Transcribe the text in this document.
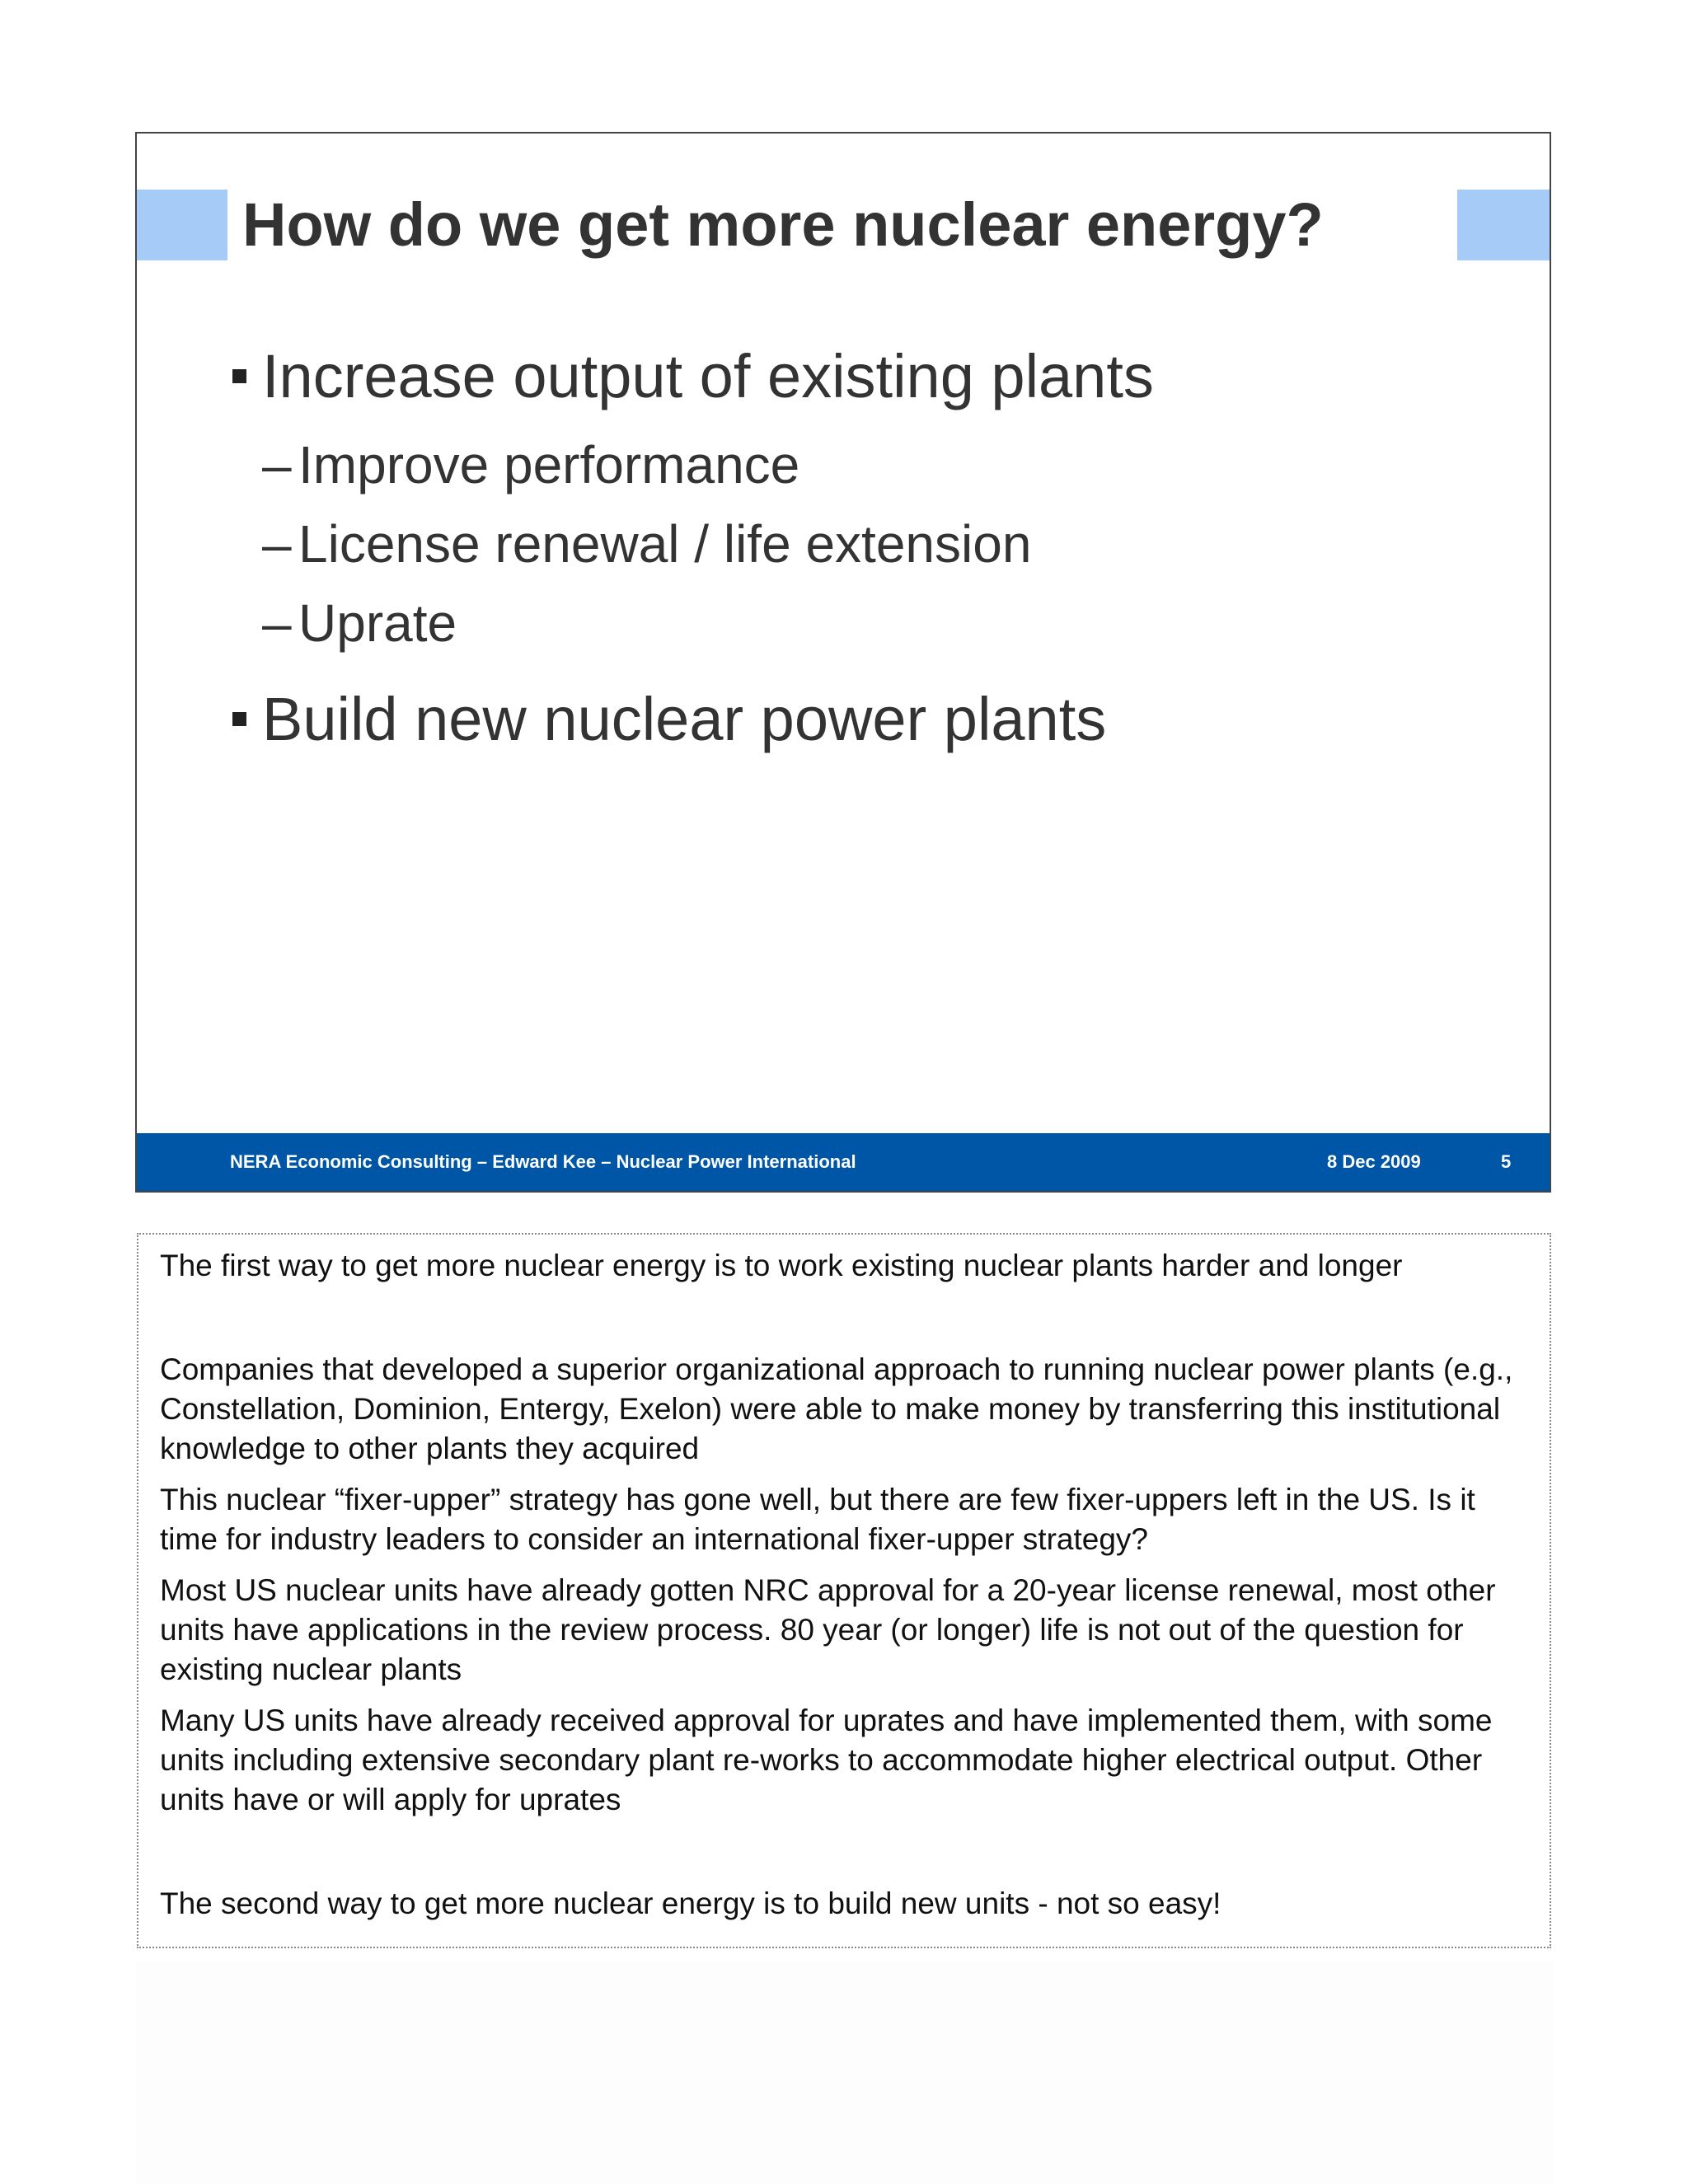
How do we get more nuclear energy?
Increase output of existing plants
– Improve performance
– License renewal / life extension
– Uprate
Build new nuclear power plants
NERA Economic Consulting – Edward Kee – Nuclear Power International	8 Dec 2009	5

The first way to get more nuclear energy is to work existing nuclear plants harder and longer

Companies that developed a superior organizational approach to running nuclear power plants (e.g., Constellation, Dominion, Entergy, Exelon) were able to make money by transferring this institutional knowledge to other plants they acquired

This nuclear “fixer-upper” strategy has gone well, but there are few fixer-uppers left in the US. Is it time for industry leaders to consider an international fixer-upper strategy?

Most US nuclear units have already gotten NRC approval for a 20-year license renewal, most other units have applications in the review process. 80 year (or longer) life is not out of the question for existing nuclear plants

Many US units have already received approval for uprates and have implemented them, with some units including extensive secondary plant re-works to accommodate higher electrical output. Other units have or will apply for uprates

The second way to get more nuclear energy is to build new units - not so easy!
